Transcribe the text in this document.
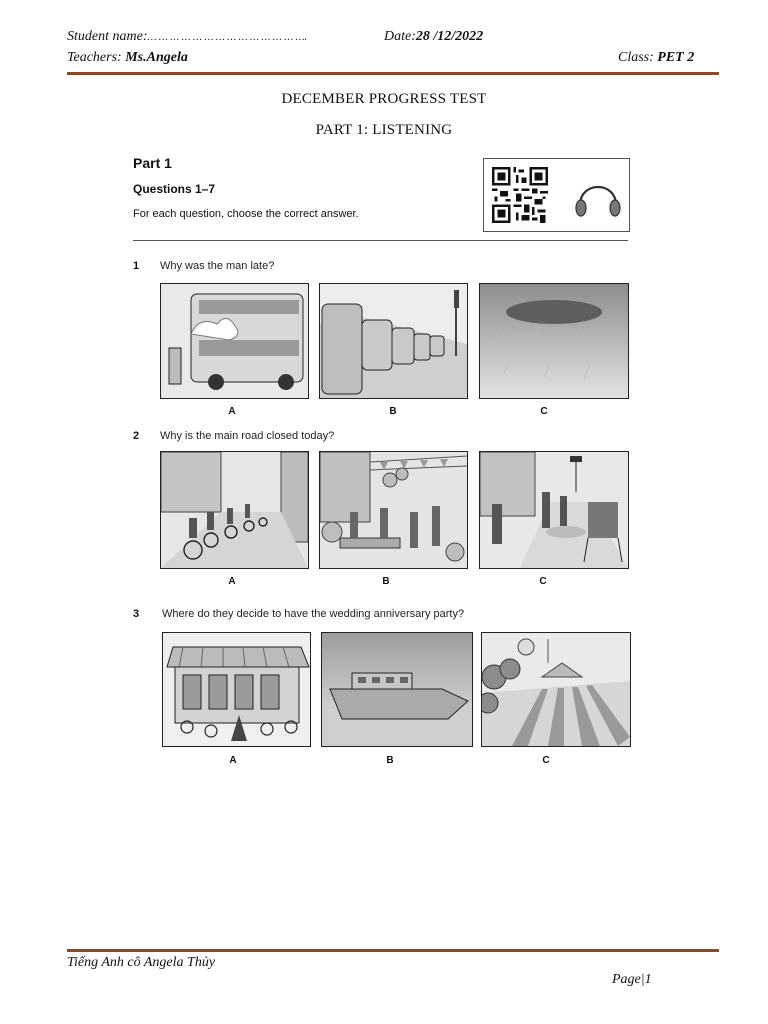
Student name:… … … … … … … … … … … … … ….	Date:28 /12/2022
Teachers: Ms.Angela	Class: PET 2
DECEMBER PROGRESS TEST
PART 1: LISTENING
Part 1
Questions 1–7
For each question, choose the correct answer.
1 Why was the man late?
A	B	C
2 Why is the main road closed today?
A	B	C
3 Where do they decide to have the wedding anniversary party?
A	B	C
Tiếng Anh cô Angela Thủy
Page|1
